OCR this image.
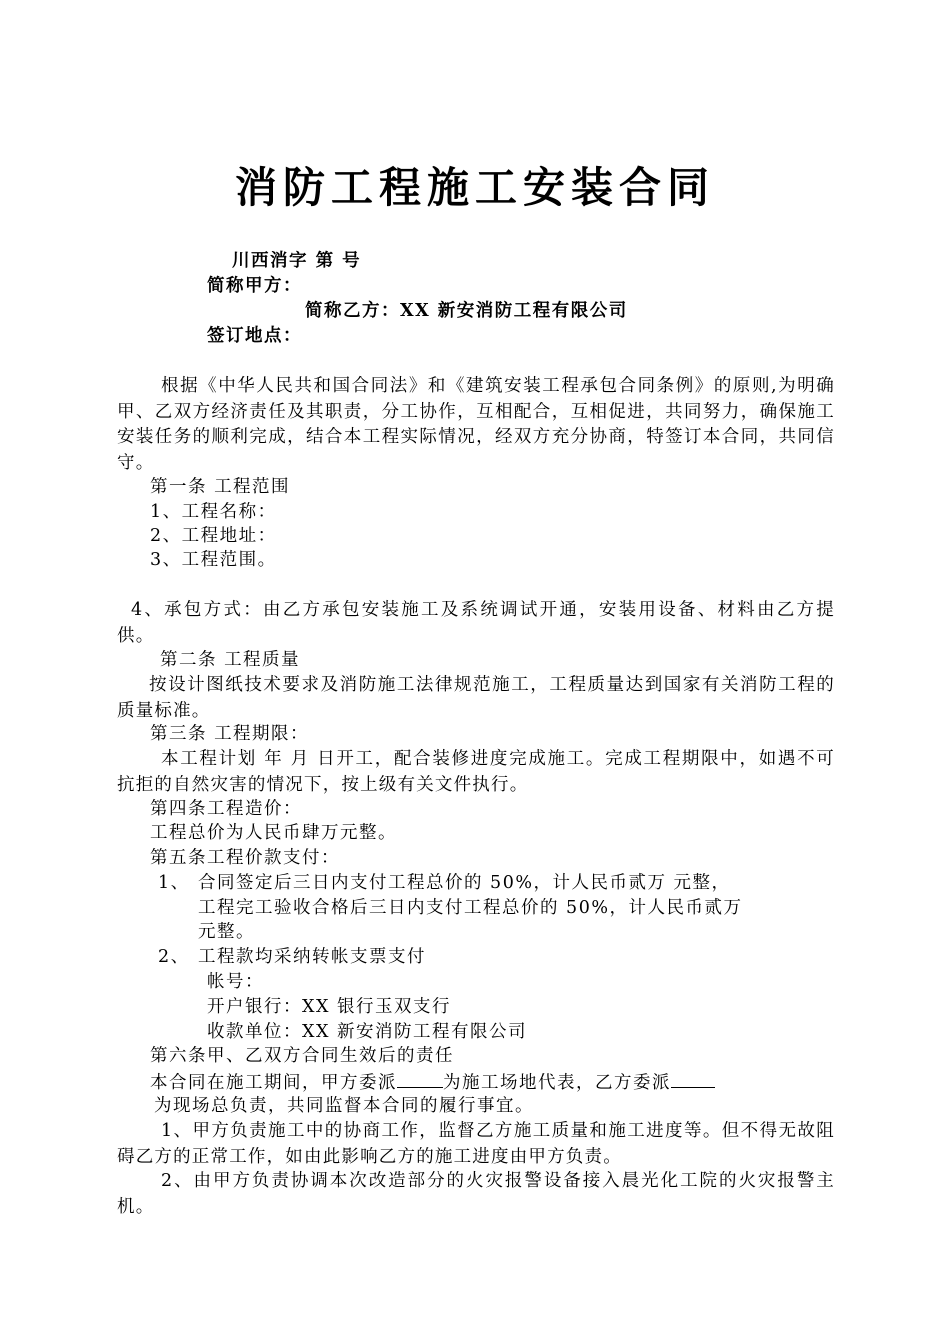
消防工程施工安装合同
川西消字 第 号
简称甲方：
简称乙方：XX 新安消防工程有限公司
签订地点：
根据《中华人民共和国合同法》和《建筑安装工程承包合同条例》的原则,为明确甲、乙双方经济责任及其职责，分工协作，互相配合，互相促进，共同努力，确保施工安装任务的顺利完成，结合本工程实际情况，经双方充分协商，特签订本合同，共同信守。
第一条 工程范围
1、工程名称：
2、工程地址：
3、工程范围。
4、承包方式：由乙方承包安装施工及系统调试开通，安装用设备、材料由乙方提供。
第二条 工程质量
按设计图纸技术要求及消防施工法律规范施工，工程质量达到国家有关消防工程的质量标准。
第三条 工程期限：
本工程计划 年 月 日开工，配合装修进度完成施工。完成工程期限中，如遇不可抗拒的自然灾害的情况下，按上级有关文件执行。
第四条工程造价：
工程总价为人民币肆万元整。
第五条工程价款支付：
1、 合同签定后三日内支付工程总价的 50%，计人民币贰万 元整，
工程完工验收合格后三日内支付工程总价的 50%，计人民币贰万
元整。
2、 工程款均采纳转帐支票支付
帐号：
开户银行：XX 银行玉双支行
收款单位：XX 新安消防工程有限公司
第六条甲、乙双方合同生效后的责任
本合同在施工期间，甲方委派	为施工场地代表，乙方委派
为现场总负责，共同监督本合同的履行事宜。
1、甲方负责施工中的协商工作，监督乙方施工质量和施工进度等。但不得无故阻碍乙方的正常工作，如由此影响乙方的施工进度由甲方负责。
2、由甲方负责协调本次改造部分的火灾报警设备接入晨光化工院的火灾报警主机。
